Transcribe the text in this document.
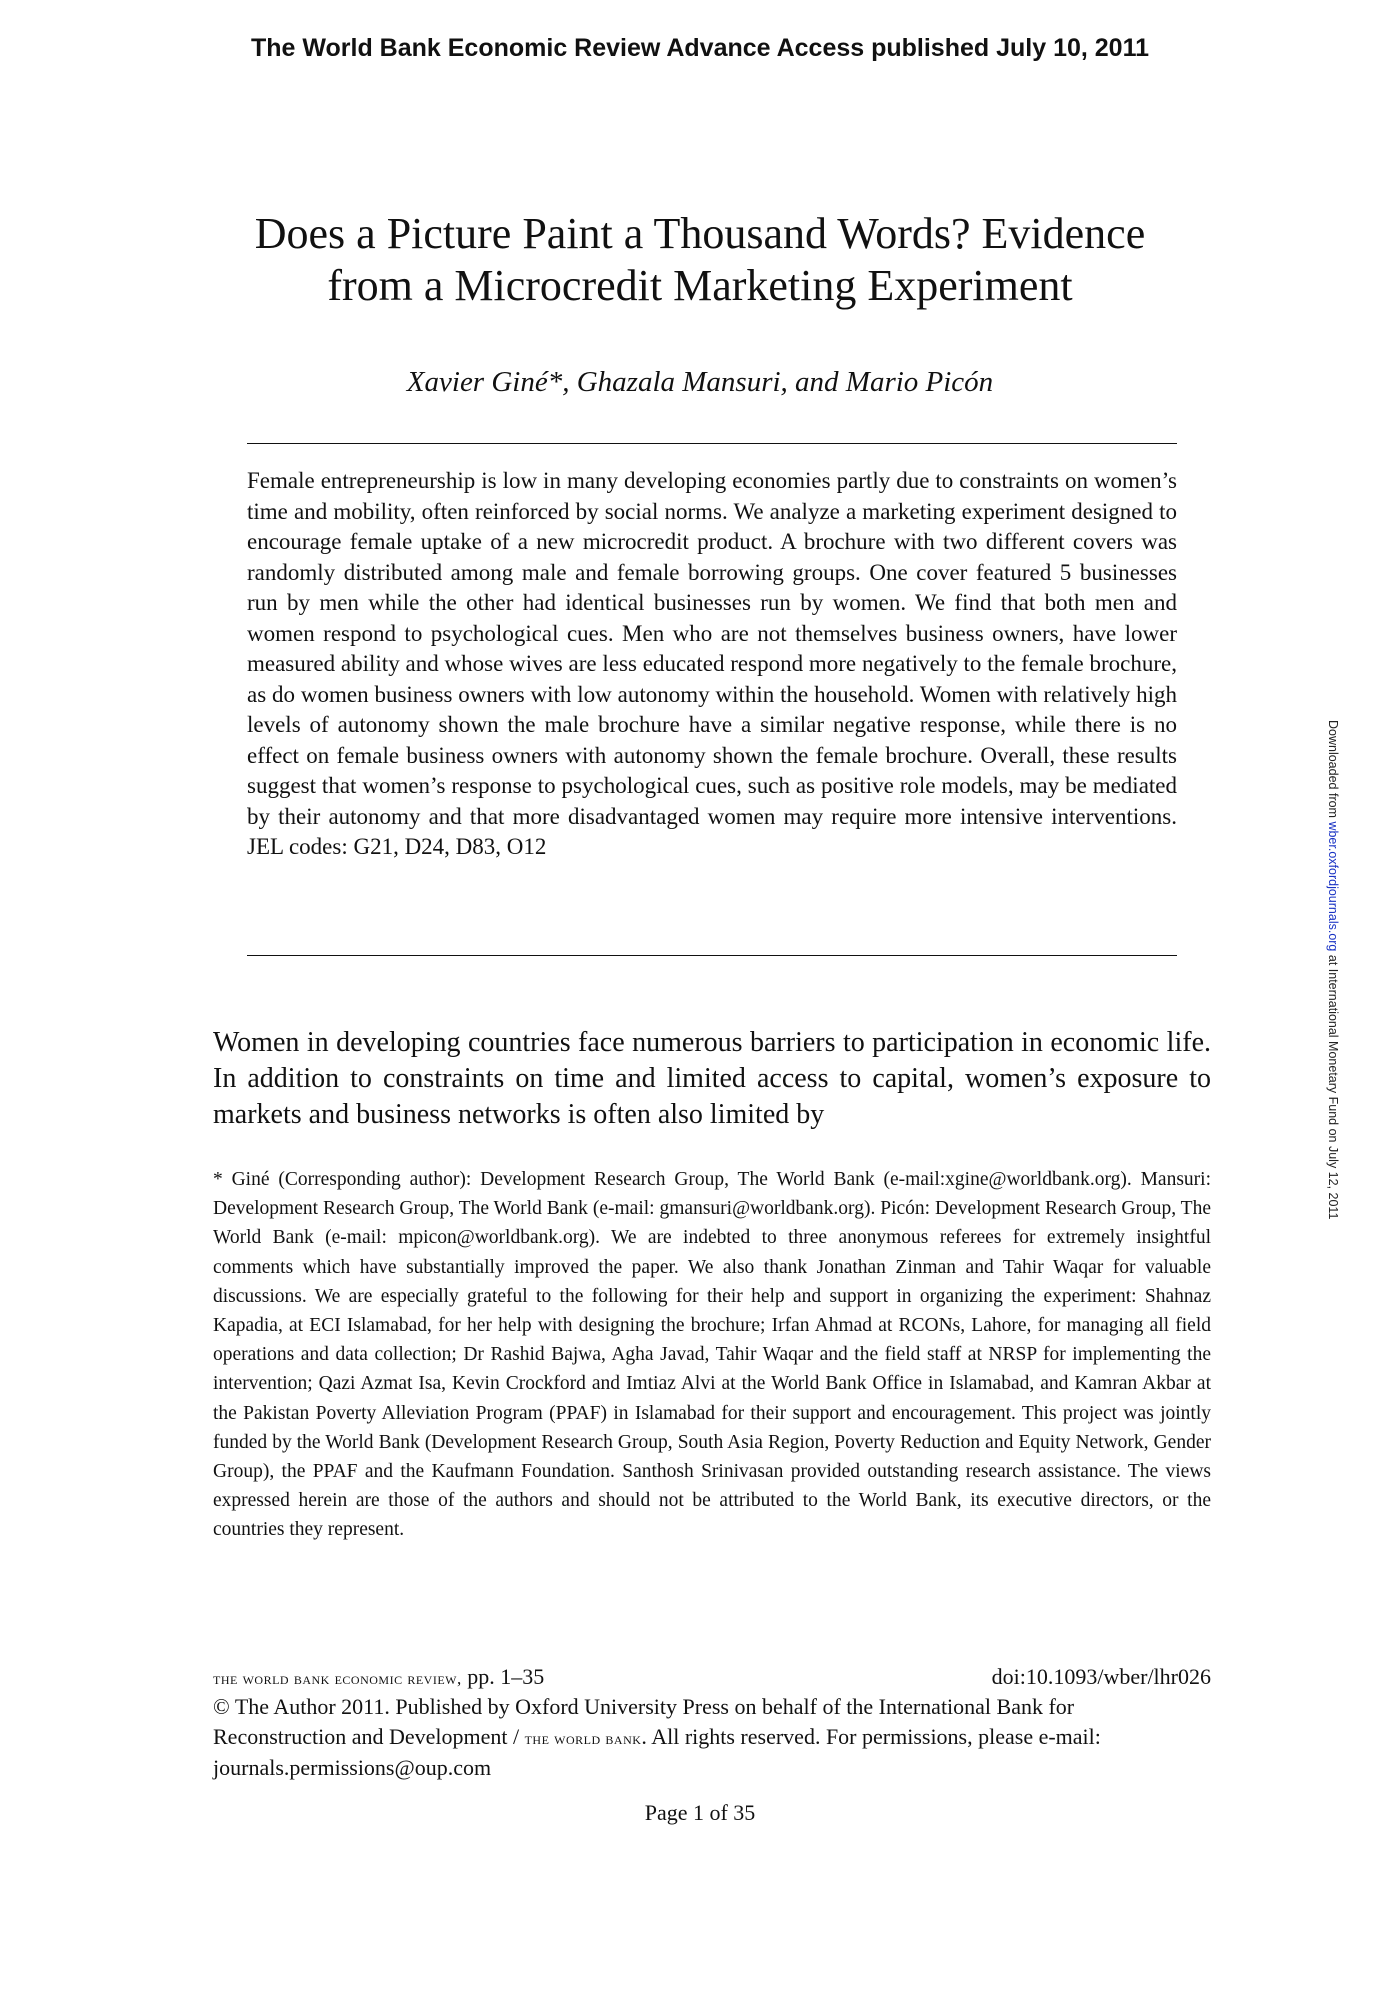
The World Bank Economic Review Advance Access published July 10, 2011
Does a Picture Paint a Thousand Words? Evidence
from a Microcredit Marketing Experiment
Xavier Giné*, Ghazala Mansuri, and Mario Picón
Female entrepreneurship is low in many developing economies partly due to constraints on women’s time and mobility, often reinforced by social norms. We analyze a marketing experiment designed to encourage female uptake of a new microcredit product. A brochure with two different covers was randomly distributed among male and female borrowing groups. One cover featured 5 businesses run by men while the other had identical businesses run by women. We find that both men and women respond to psychological cues. Men who are not themselves business owners, have lower measured ability and whose wives are less educated respond more negatively to the female brochure, as do women business owners with low autonomy within the household. Women with relatively high levels of autonomy shown the male brochure have a similar negative response, while there is no effect on female business owners with autonomy shown the female brochure. Overall, these results suggest that women’s response to psychological cues, such as positive role models, may be mediated by their autonomy and that more disadvantaged women may require more intensive interventions. JEL codes: G21, D24, D83, O12
Women in developing countries face numerous barriers to participation in economic life. In addition to constraints on time and limited access to capital, women’s exposure to markets and business networks is often also limited by
* Giné (Corresponding author): Development Research Group, The World Bank (e-mail:xgine@worldbank.org). Mansuri: Development Research Group, The World Bank (e-mail: gmansuri@worldbank.org). Picón: Development Research Group, The World Bank (e-mail: mpicon@worldbank.org). We are indebted to three anonymous referees for extremely insightful comments which have substantially improved the paper. We also thank Jonathan Zinman and Tahir Waqar for valuable discussions. We are especially grateful to the following for their help and support in organizing the experiment: Shahnaz Kapadia, at ECI Islamabad, for her help with designing the brochure; Irfan Ahmad at RCONs, Lahore, for managing all field operations and data collection; Dr Rashid Bajwa, Agha Javad, Tahir Waqar and the field staff at NRSP for implementing the intervention; Qazi Azmat Isa, Kevin Crockford and Imtiaz Alvi at the World Bank Office in Islamabad, and Kamran Akbar at the Pakistan Poverty Alleviation Program (PPAF) in Islamabad for their support and encouragement. This project was jointly funded by the World Bank (Development Research Group, South Asia Region, Poverty Reduction and Equity Network, Gender Group), the PPAF and the Kaufmann Foundation. Santhosh Srinivasan provided outstanding research assistance. The views expressed herein are those of the authors and should not be attributed to the World Bank, its executive directors, or the countries they represent.
the world bank economic review, pp. 1–35	doi:10.1093/wber/lhr026
© The Author 2011. Published by Oxford University Press on behalf of the International Bank for Reconstruction and Development / the world bank. All rights reserved. For permissions, please e-mail: journals.permissions@oup.com
Page 1 of 35
Downloaded from wber.oxfordjournals.org at International Monetary Fund on July 12, 2011
